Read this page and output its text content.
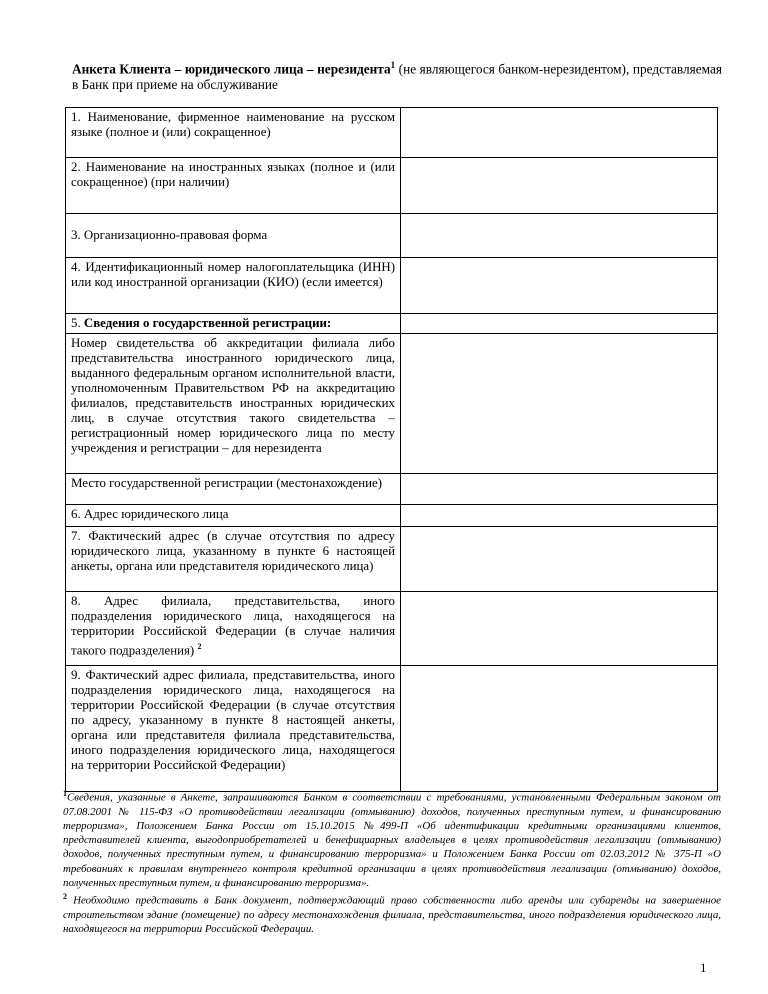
Анкета Клиента – юридического лица – нерезидента$^1$ (не являющегося банком-нерезидентом), представляемая в Банк при приеме на обслуживание
1. Наименование, фирменное наименование на русском языке (полное и (или) сокращенное)	
2. Наименование на иностранных языках (полное и (или сокращенное) (при наличии)	
3. Организационно-правовая форма	
4. Идентификационный номер налогоплательщика (ИНН) или код иностранной организации (КИО) (если имеется)	
5. Сведения о государственной регистрации:	
Номер свидетельства об аккредитации филиала либо представительства иностранного юридического лица, выданного федеральным органом исполнительной власти, уполномоченным Правительством РФ на аккредитацию филиалов, представительств иностранных юридических лиц, в случае отсутствия такого свидетельства – регистрационный номер юридического лица по месту учреждения и регистрации – для нерезидента	
Место государственной регистрации (местонахождение)	
6. Адрес юридического лица	
7. Фактический адрес (в случае отсутствия по адресу юридического лица, указанному в пункте 6 настоящей анкеты, органа или представителя юридического лица)	
8. Адрес филиала, представительства, иного подразделения юридического лица, находящегося на территории Российской Федерации (в случае наличия такого подразделения) $^2$	
9. Фактический адрес филиала, представительства, иного подразделения юридического лица, находящегося на территории Российской Федерации (в случае отсутствия по адресу, указанному в пункте 8 настоящей анкеты, органа или представителя филиала представительства, иного подразделения юридического лица, находящегося на территории Российской Федерации)	
$^1$Сведения, указанные в Анкете, запрашиваются Банком в соответствии с требованиями, установленными Федеральным законом от 07.08.2001 № 115-ФЗ «О противодействии легализации (отмыванию) доходов, полученных преступным путем, и финансированию терроризма», Положением Банка России от 15.10.2015 №499-П «Об идентификации кредитными организациями клиентов, представителей клиента, выгодоприобретателей и бенефициарных владельцев в целях противодействия легализации (отмыванию) доходов, полученных преступным путем, и финансированию терроризма» и Положением Банка России от 02.03.2012 № 375-П «О требованиях к правилам внутреннего контроля кредитной организации в целях противодействия легализации (отмыванию) доходов, полученных преступным путем, и финансированию терроризма».
$^2$ Необходимо представить в Банк документ, подтверждающий право собственности либо аренды или субаренды на завершенное строительством здание (помещение) по адресу местонахождения филиала, представительства, иного подразделения юридического лица, находящегося на территории Российской Федерации.
1
